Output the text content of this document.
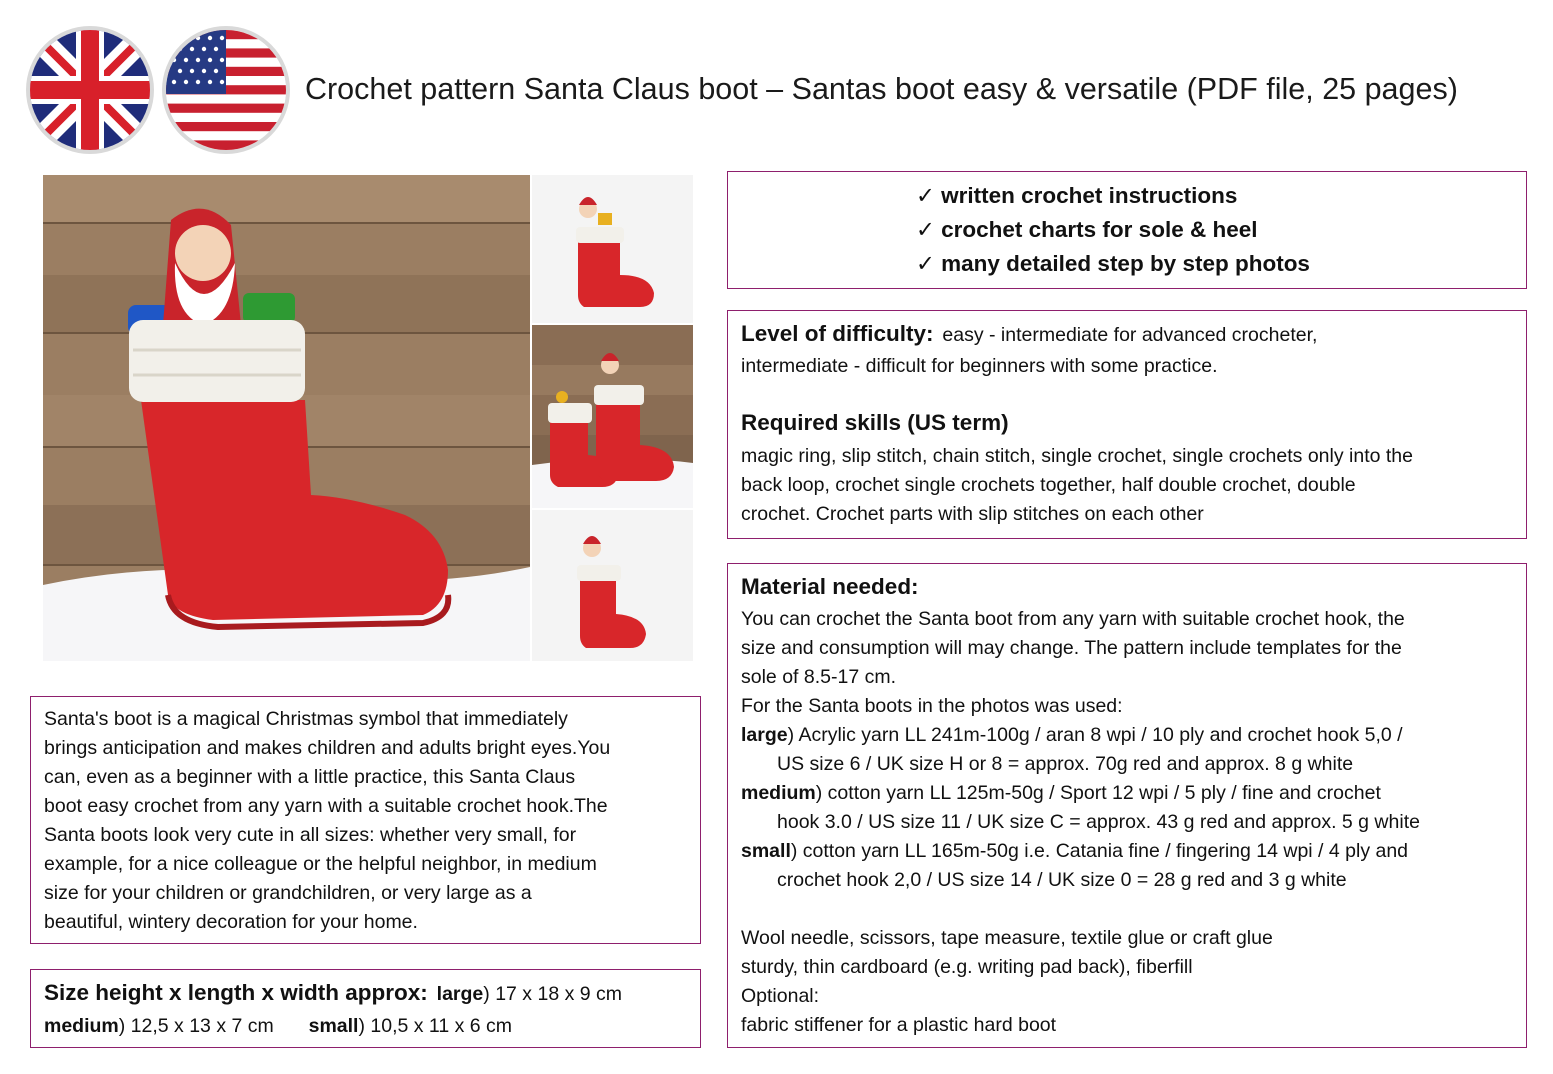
Crochet pattern Santa Claus boot – Santas boot easy & versatile (PDF file, 25 pages)
✓ written crochet instructions
✓ crochet charts for sole & heel
✓ many detailed step by step photos
Level of difficulty: easy - intermediate for advanced crocheter,
intermediate - difficult for beginners with some practice.
Required skills (US term)
magic ring, slip stitch, chain stitch, single crochet, single crochets only into the
back loop, crochet single crochets together, half double crochet, double
crochet. Crochet parts with slip stitches on each other
Material needed:
You can crochet the Santa boot from any yarn with suitable crochet hook, the
size and consumption will may change. The pattern include templates for the
sole of 8.5-17 cm.
For the Santa boots in the photos was used:
large) Acrylic yarn LL 241m-100g / aran 8 wpi / 10 ply and crochet hook 5,0 /
US size 6 / UK size H or 8 = approx. 70g red and approx. 8 g white
medium) cotton yarn LL 125m-50g / Sport 12 wpi / 5 ply / fine and crochet
hook 3.0 / US size 11 / UK size C = approx. 43 g red and approx. 5 g white
small) cotton yarn LL 165m-50g i.e. Catania fine / fingering 14 wpi / 4 ply and
crochet hook 2,0 / US size 14 / UK size 0 = 28 g red and 3 g white
Wool needle, scissors, tape measure, textile glue or craft glue
sturdy, thin cardboard (e.g. writing pad back), fiberfill
Optional:
fabric stiffener for a plastic hard boot
Santa's boot is a magical Christmas symbol that immediately
brings anticipation and makes children and adults bright eyes.You
can, even as a beginner with a little practice, this Santa Claus
boot easy crochet from any yarn with a suitable crochet hook.The
Santa boots look very cute in all sizes: whether very small, for
example, for a nice colleague or the helpful neighbor, in medium
size for your children or grandchildren, or very large as a
beautiful, wintery decoration for your home.
Size height x length x width approx: large) 17 x 18 x 9 cm
medium) 12,5 x 13 x 7 cm small) 10,5 x 11 x 6 cm
